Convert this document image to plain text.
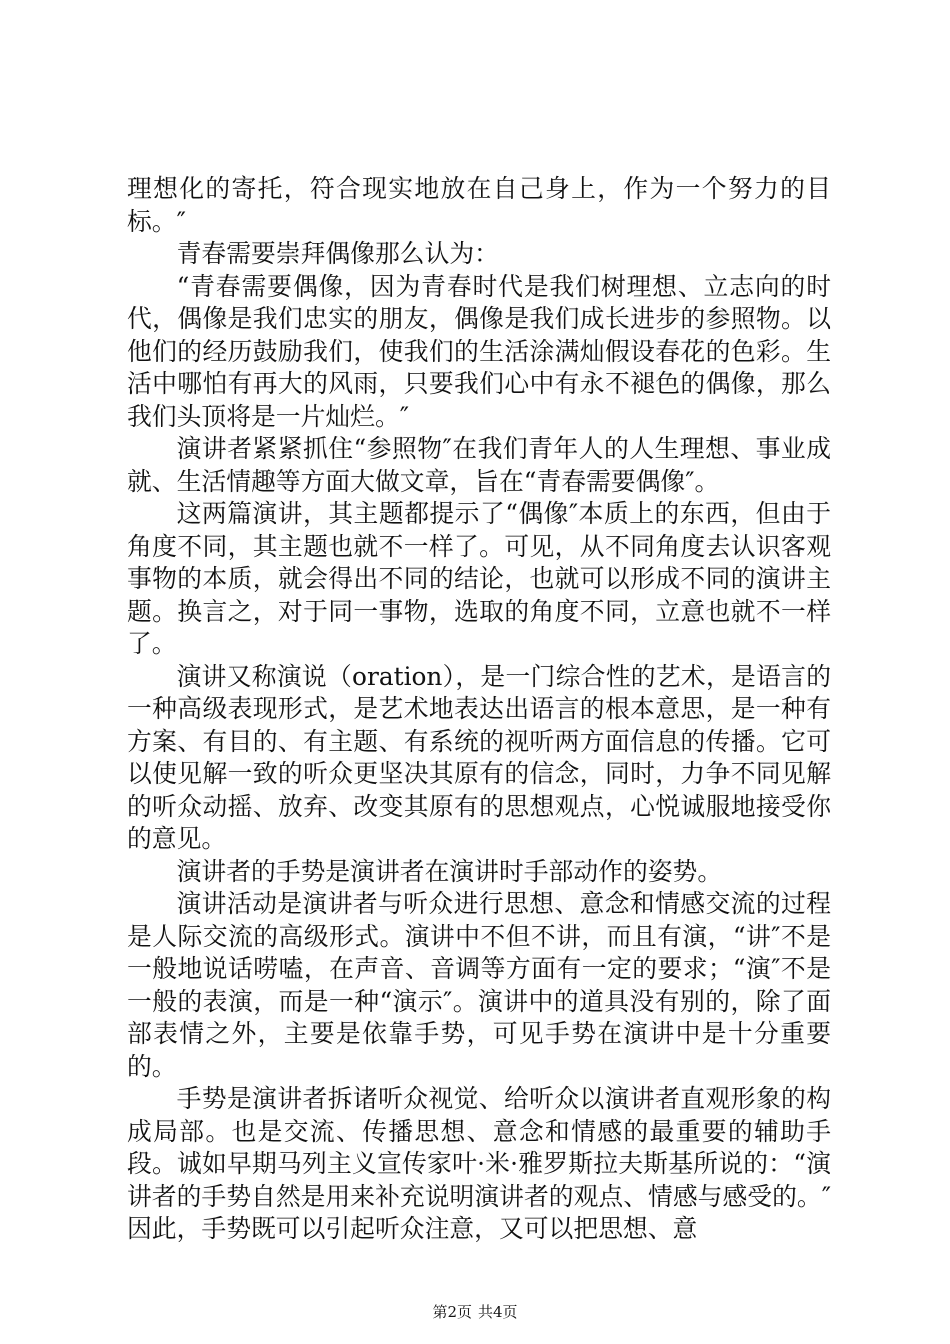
理想化的寄托，符合现实地放在自己身上，作为一个努力的目标。″

青春需要崇拜偶像那么认为：

“青春需要偶像，因为青春时代是我们树理想、立志向的时代，偶像是我们忠实的朋友，偶像是我们成长进步的参照物。以他们的经历鼓励我们，使我们的生活涂满灿假设春花的色彩。生活中哪怕有再大的风雨，只要我们心中有永不褪色的偶像，那么我们头顶将是一片灿烂。″

演讲者紧紧抓住“参照物″在我们青年人的人生理想、事业成就、生活情趣等方面大做文章，旨在“青春需要偶像″。

这两篇演讲，其主题都提示了“偶像″本质上的东西，但由于角度不同，其主题也就不一样了。可见，从不同角度去认识客观事物的本质，就会得出不同的结论，也就可以形成不同的演讲主题。换言之，对于同一事物，选取的角度不同，立意也就不一样了。

演讲又称演说（oration），是一门综合性的艺术，是语言的一种高级表现形式，是艺术地表达出语言的根本意思，是一种有方案、有目的、有主题、有系统的视听两方面信息的传播。它可以使见解一致的听众更坚决其原有的信念，同时，力争不同见解的听众动摇、放弃、改变其原有的思想观点，心悦诚服地接受你的意见。

演讲者的手势是演讲者在演讲时手部动作的姿势。

演讲活动是演讲者与听众进行思想、意念和情感交流的过程是人际交流的高级形式。演讲中不但不讲，而且有演，“讲″不是一般地说话唠嗑，在声音、音调等方面有一定的要求；“演″不是一般的表演，而是一种“演示″。演讲中的道具没有别的，除了面部表情之外，主要是依靠手势，可见手势在演讲中是十分重要的。

手势是演讲者拆诸听众视觉、给听众以演讲者直观形象的构成局部。也是交流、传播思想、意念和情感的最重要的辅助手段。诚如早期马列主义宣传家叶·米·雅罗斯拉夫斯基所说的：“演讲者的手势自然是用来补充说明演讲者的观点、情感与感受的。″因此，手势既可以引起听众注意，又可以把思想、意

第2页 共4页
